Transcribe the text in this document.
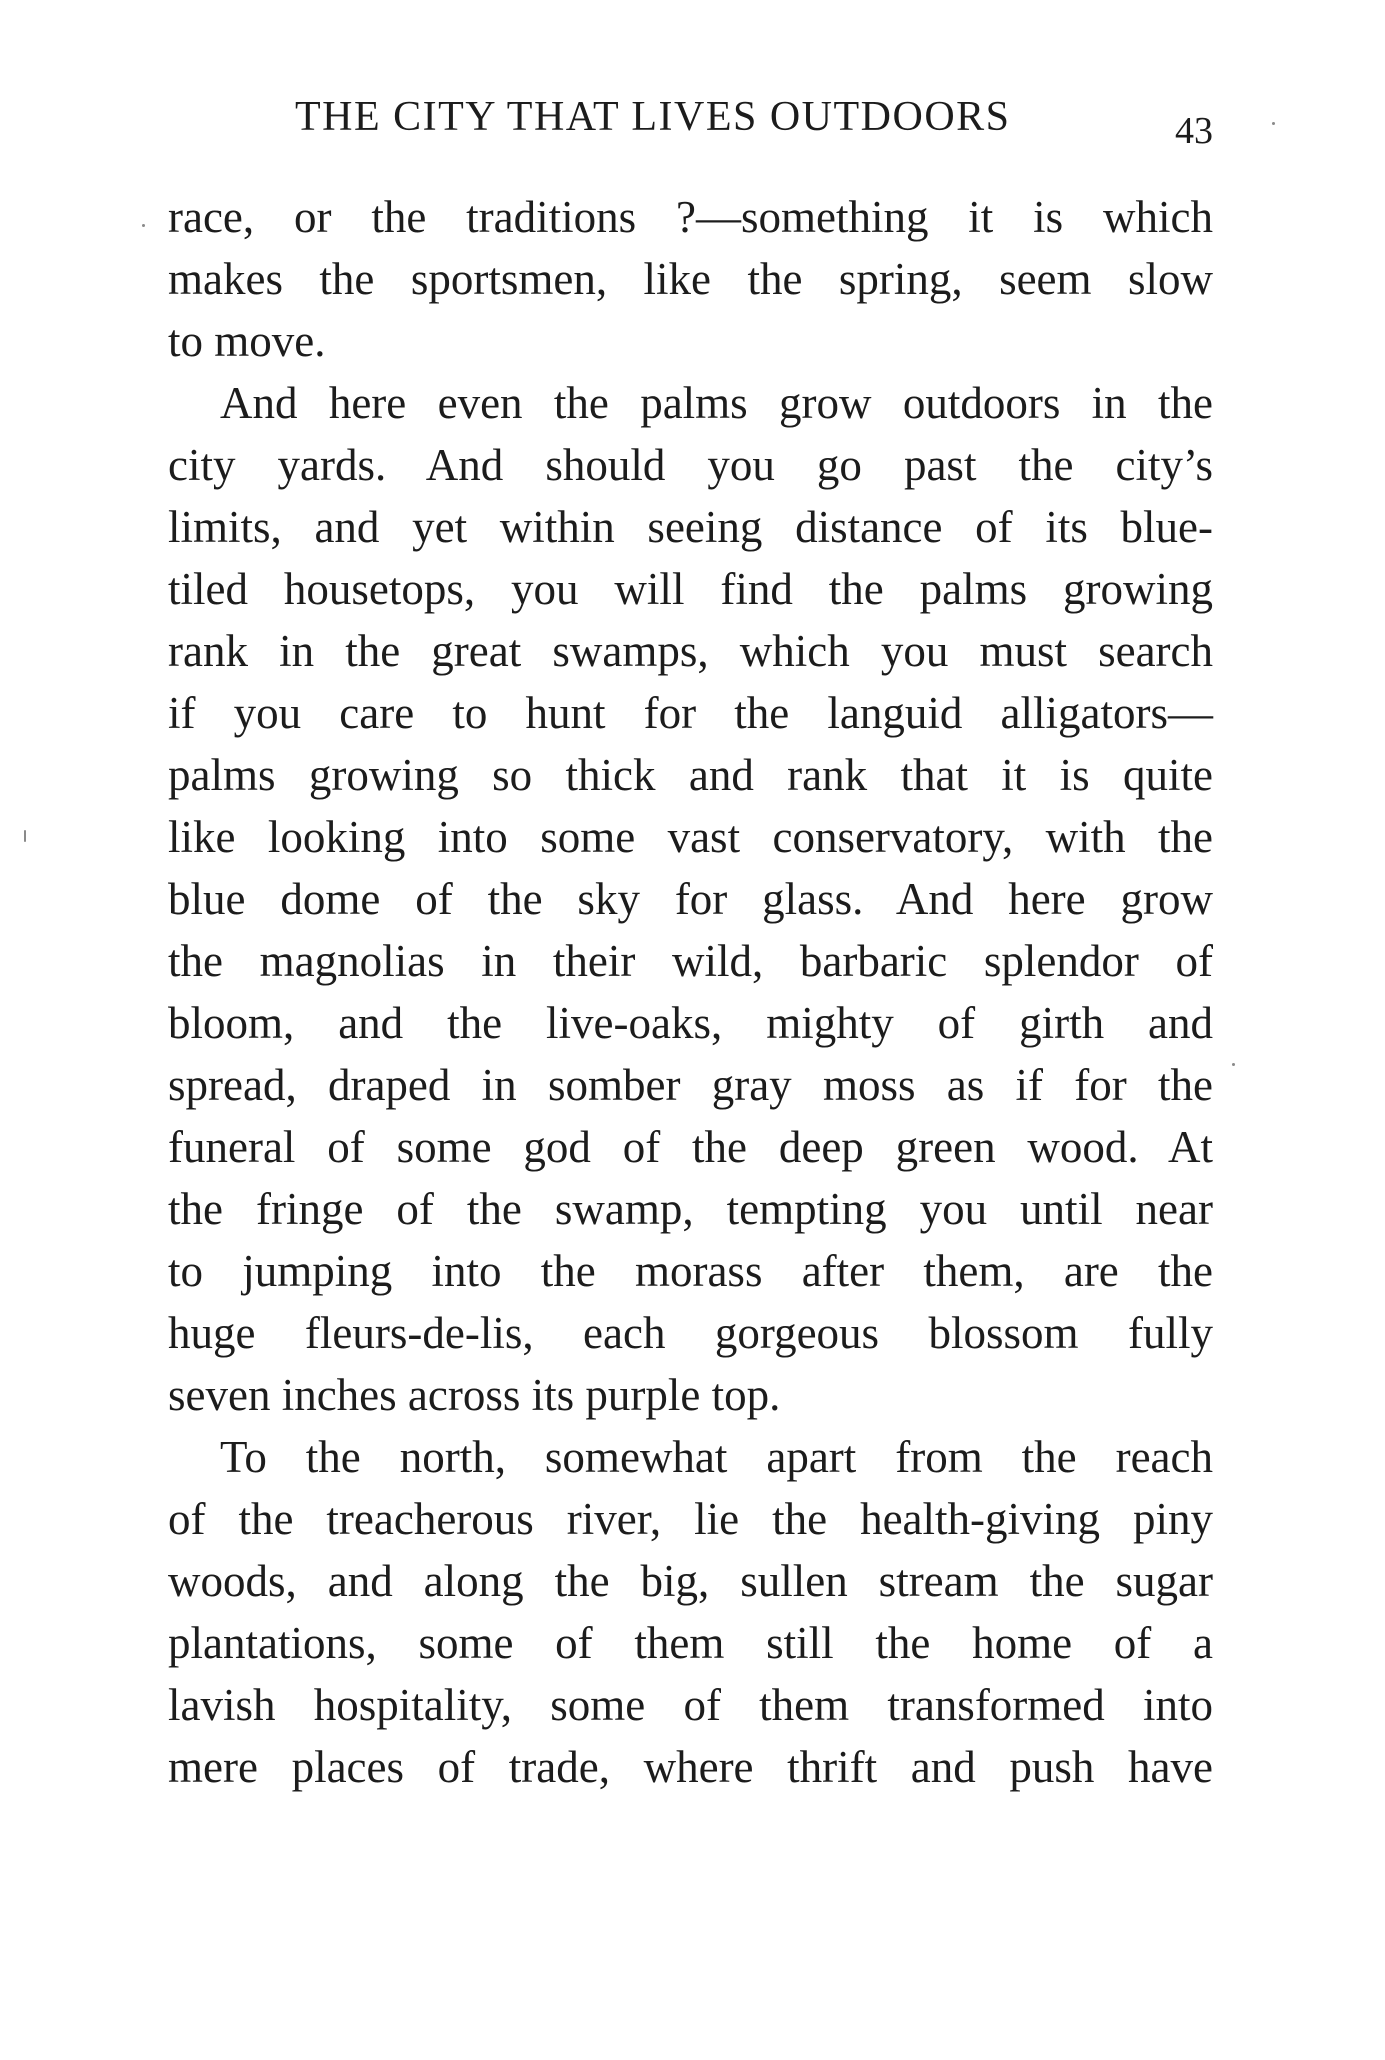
THE CITY THAT LIVES OUTDOORS	43
race, or the traditions ?—something it is which
makes the sportsmen, like the spring, seem slow
to move.
And here even the palms grow outdoors in the
city yards. And should you go past the city’s
limits, and yet within seeing distance of its blue-
tiled housetops, you will find the palms growing
rank in the great swamps, which you must search
if you care to hunt for the languid alligators—
palms growing so thick and rank that it is quite
like looking into some vast conservatory, with the
blue dome of the sky for glass. And here grow
the magnolias in their wild, barbaric splendor of
bloom, and the live-oaks, mighty of girth and
spread, draped in somber gray moss as if for the
funeral of some god of the deep green wood. At
the fringe of the swamp, tempting you until near
to jumping into the morass after them, are the
huge fleurs-de-lis, each gorgeous blossom fully
seven inches across its purple top.
To the north, somewhat apart from the reach
of the treacherous river, lie the health-giving piny
woods, and along the big, sullen stream the sugar
plantations, some of them still the home of a
lavish hospitality, some of them transformed into
mere places of trade, where thrift and push have
